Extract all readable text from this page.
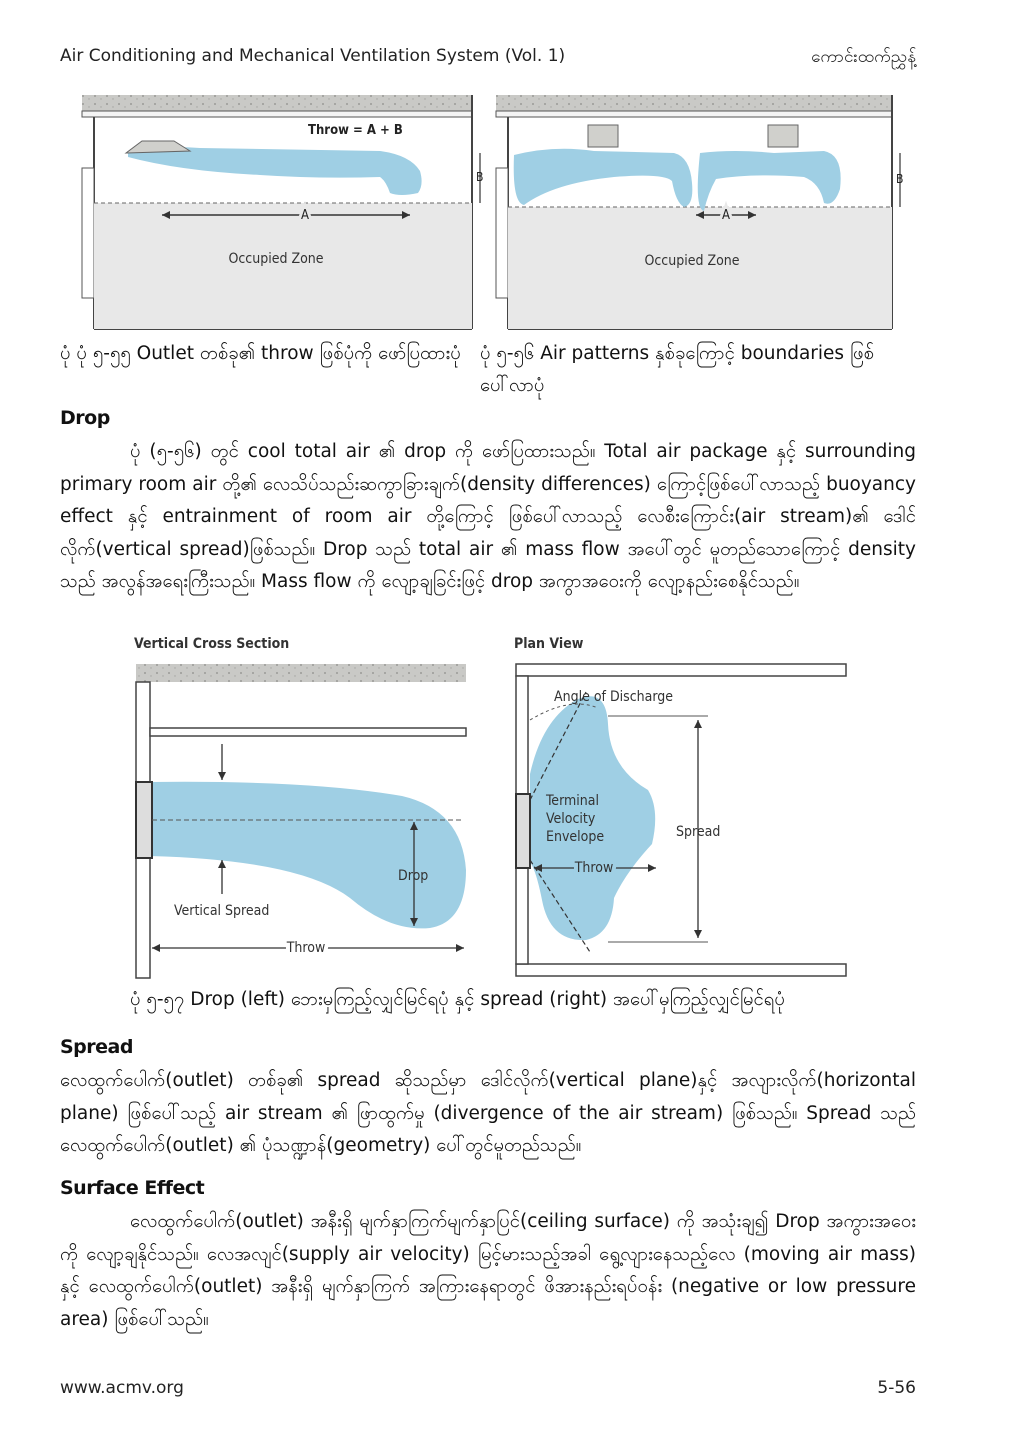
Air Conditioning and Mechanical Ventilation System (Vol. 1)	ကောင်းထက်ညွှန့်
Throw = A + B
A
B
Occupied Zone
A
B
Occupied Zone
ပုံ ပုံ ၅-၅၅ Outlet တစ်ခု၏ throw ဖြစ်ပုံကို ဖော်ပြထားပုံ	ပုံ ၅-၅၆ Air patterns နှစ်ခုကြောင့် boundaries ဖြစ်ပေါ်လာပုံ
Drop
ပုံ (၅-၅၆) တွင် cool total air ၏ drop ကို ဖော်ပြထားသည်။ Total air package နှင့် surrounding primary room air တို့၏ လေသိပ်သည်းဆကွာခြားချက်(density differences) ကြောင့်ဖြစ်ပေါ်လာသည့် buoyancy effect နှင့် entrainment of room air တို့ကြောင့် ဖြစ်ပေါ်လာသည့် လေစီးကြောင်း(air stream)၏ ဒေါင်လိုက်(vertical spread)ဖြစ်သည်။ Drop သည် total air ၏ mass flow အပေါ်တွင် မူတည်သောကြောင့် density သည် အလွန်အရေးကြီးသည်။ Mass flow ကို လျော့ချခြင်းဖြင့် drop အကွာအဝေးကို လျော့နည်းစေနိုင်သည်။
Vertical Cross Section	Plan View
Drop
Vertical Spread
Throw
Angle of Discharge
Terminal
Velocity
Envelope
Throw
Spread
ပုံ ၅-၅၇ Drop (left) ဘေးမှကြည့်လျှင်မြင်ရပုံ နှင့် spread (right) အပေါ်မှကြည့်လျှင်မြင်ရပုံ
Spread
လေထွက်ပေါက်(outlet) တစ်ခု၏ spread ဆိုသည်မှာ ဒေါင်လိုက်(vertical plane)နှင့် အလျားလိုက်(horizontal plane) ဖြစ်ပေါ်သည့် air stream ၏ ဖြာထွက်မှု (divergence of the air stream) ဖြစ်သည်။ Spread သည် လေထွက်ပေါက်(outlet) ၏ ပုံသဏ္ဍာန်(geometry) ပေါ်တွင်မူတည်သည်။
Surface Effect
လေထွက်ပေါက်(outlet) အနီးရှိ မျက်နှာကြက်မျက်နှာပြင်(ceiling surface) ကို အသုံးချ၍ Drop အကွားအဝေးကို လျော့ချနိုင်သည်။ လေအလျင်(supply air velocity) မြင့်မားသည့်အခါ ရွေ့လျားနေသည့်လေ (moving air mass) နှင့် လေထွက်ပေါက်(outlet) အနီးရှိ မျက်နှာကြက် အကြားနေရာတွင် ဖိအားနည်းရပ်ဝန်း (negative or low pressure area) ဖြစ်ပေါ်သည်။
www.acmv.org	5-56
